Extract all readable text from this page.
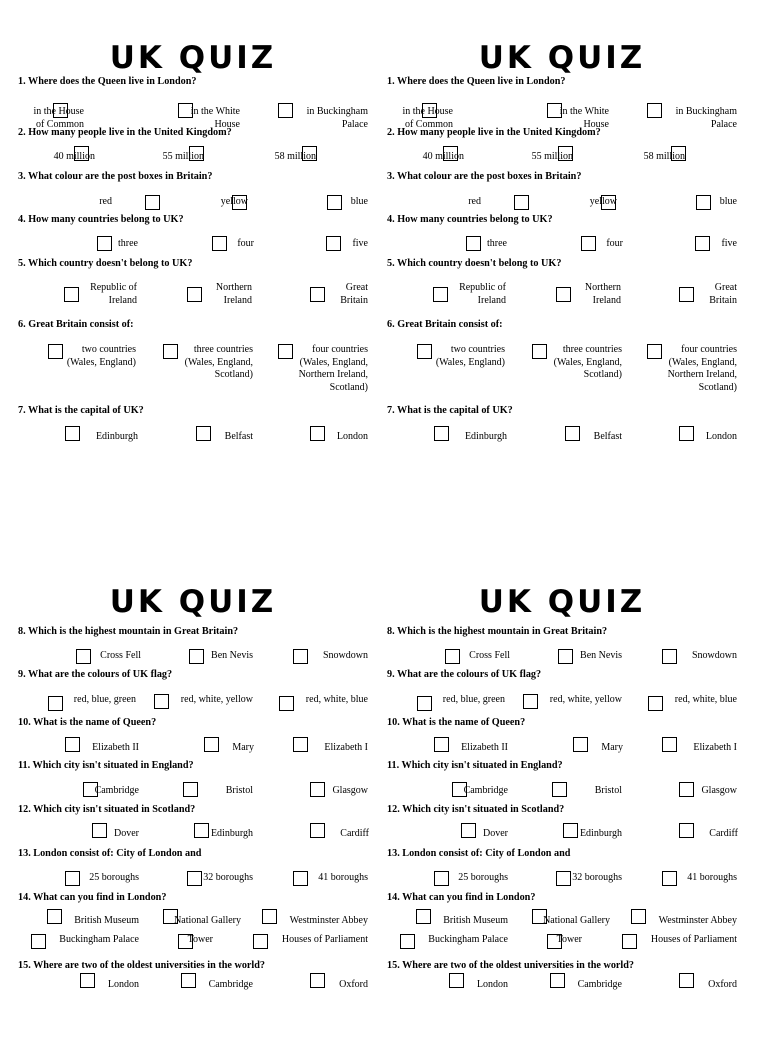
UK QUIZ
1. Where does the Queen live in London?
in the House
of Common
in the White
House
in Buckingham
Palace
2. How many people live in the United Kingdom?
40 million	55 million	58 million
3. What colour are the post boxes in Britain?
red	yellow	blue
4. How many countries belong to UK?
three	four	five
5. Which country doesn't belong to UK?
Republic of
Ireland
Northern
Ireland
Great
Britain
6. Great Britain consist of:
two countries
(Wales, England)
three countries
(Wales, England,
Scotland)
four countries
(Wales, England,
Northern Ireland,
Scotland)
7. What is the capital of UK?
Edinburgh	Belfast	London
UK QUIZ
1. Where does the Queen live in London?
in the House
of Common
in the White
House
in Buckingham
Palace
2. How many people live in the United Kingdom?
40 million	55 million	58 million
3. What colour are the post boxes in Britain?
red	yellow	blue
4. How many countries belong to UK?
three	four	five
5. Which country doesn't belong to UK?
Republic of
Ireland
Northern
Ireland
Great
Britain
6. Great Britain consist of:
two countries
(Wales, England)
three countries
(Wales, England,
Scotland)
four countries
(Wales, England,
Northern Ireland,
Scotland)
7. What is the capital of UK?
Edinburgh	Belfast	London
UK QUIZ
8. Which is the highest mountain in Great Britain?
Cross Fell	Ben Nevis	Snowdown
9. What are the colours of UK flag?
red, blue, green	red, white, yellow	red, white, blue
10. What is the name of Queen?
Elizabeth II	Mary	Elizabeth I
11. Which city isn't situated in England?
Cambridge	Bristol	Glasgow
12. Which city isn't situated in Scotland?
Dover	Edinburgh	Cardiff
13. London consist of: City of London and
25 boroughs	32 boroughs	41 boroughs
14. What can you find in London?
British Museum	National Gallery	Westminster Abbey
Buckingham Palace	Tower	Houses of Parliament
15. Where are two of the oldest universities in the world?
London	Cambridge	Oxford
UK QUIZ
8. Which is the highest mountain in Great Britain?
Cross Fell	Ben Nevis	Snowdown
9. What are the colours of UK flag?
red, blue, green	red, white, yellow	red, white, blue
10. What is the name of Queen?
Elizabeth II	Mary	Elizabeth I
11. Which city isn't situated in England?
Cambridge	Bristol	Glasgow
12. Which city isn't situated in Scotland?
Dover	Edinburgh	Cardiff
13. London consist of: City of London and
25 boroughs	32 boroughs	41 boroughs
14. What can you find in London?
British Museum	National Gallery	Westminster Abbey
Buckingham Palace	Tower	Houses of Parliament
15. Where are two of the oldest universities in the world?
London	Cambridge	Oxford
